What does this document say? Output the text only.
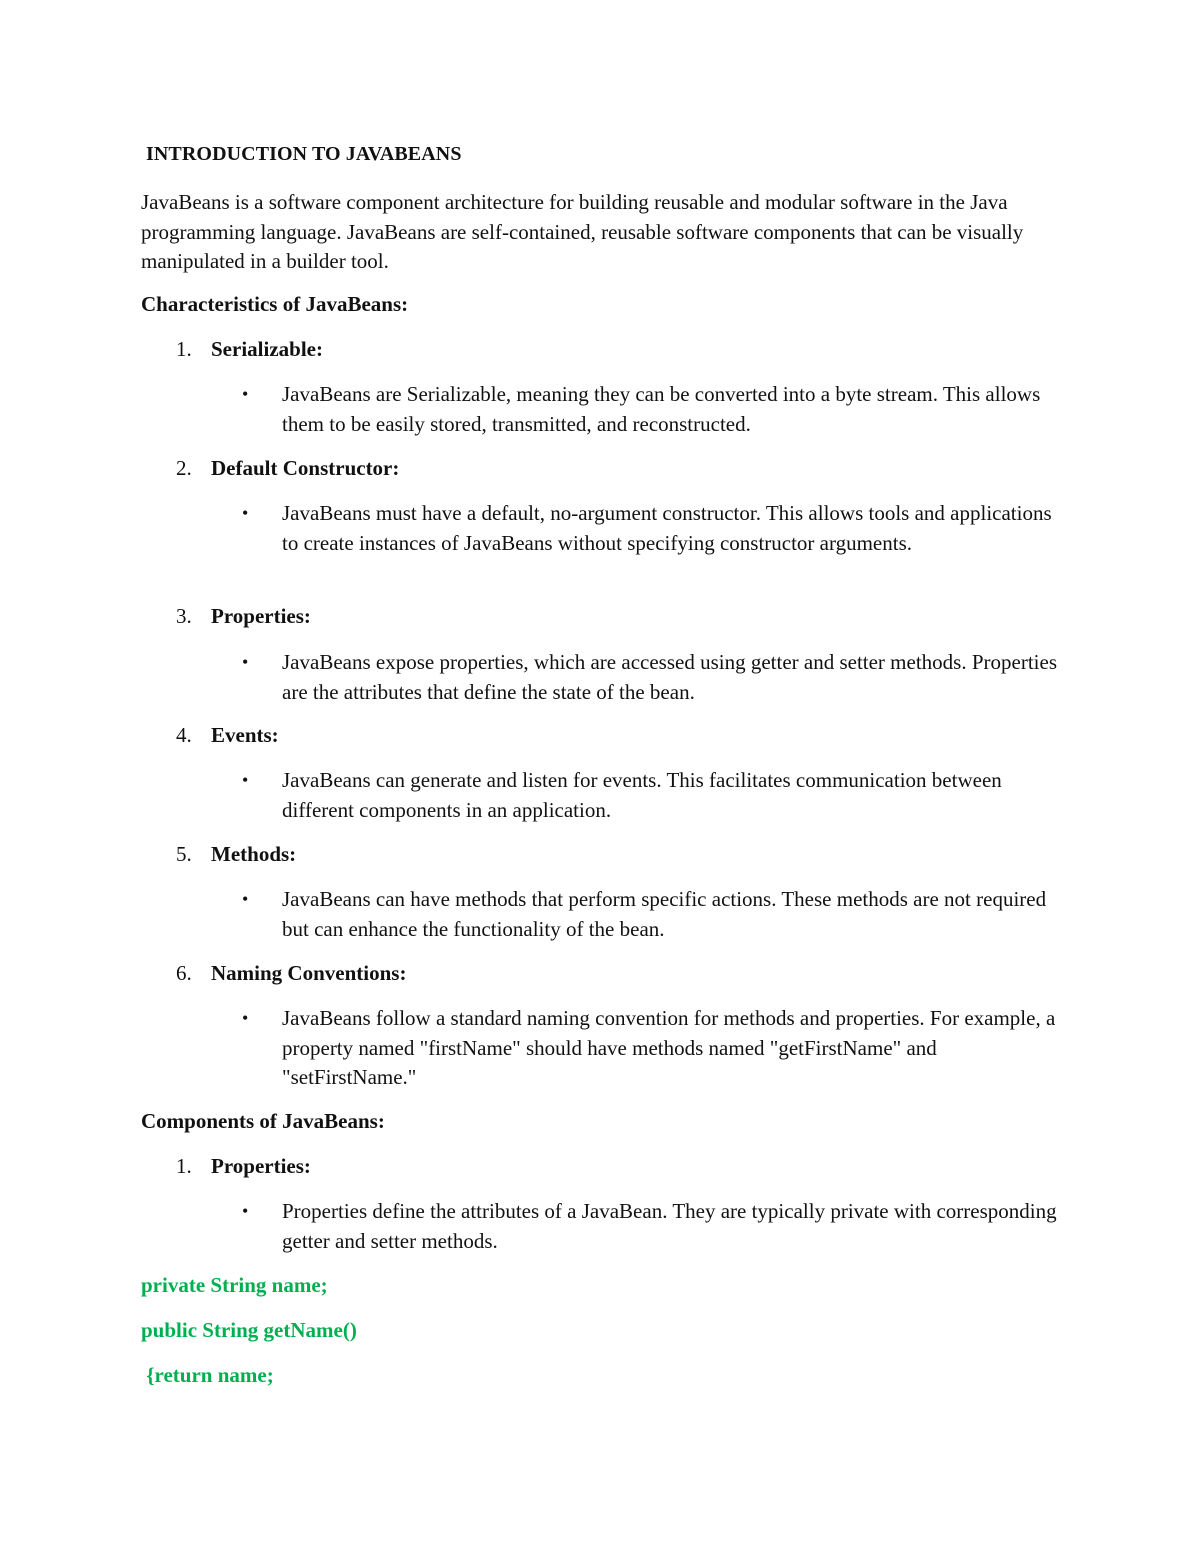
INTRODUCTION TO JAVABEANS
JavaBeans is a software component architecture for building reusable and modular software in the Java programming language. JavaBeans are self-contained, reusable software components that can be visually manipulated in a builder tool.
Characteristics of JavaBeans:
1. Serializable:
•	JavaBeans are Serializable, meaning they can be converted into a byte stream. This allows them to be easily stored, transmitted, and reconstructed.
2. Default Constructor:
•	JavaBeans must have a default, no-argument constructor. This allows tools and applications to create instances of JavaBeans without specifying constructor arguments.
3. Properties:
•	JavaBeans expose properties, which are accessed using getter and setter methods. Properties are the attributes that define the state of the bean.
4. Events:
•	JavaBeans can generate and listen for events. This facilitates communication between different components in an application.
5. Methods:
•	JavaBeans can have methods that perform specific actions. These methods are not required but can enhance the functionality of the bean.
6. Naming Conventions:
•	JavaBeans follow a standard naming convention for methods and properties. For example, a property named "firstName" should have methods named "getFirstName" and "setFirstName."
Components of JavaBeans:
1. Properties:
•	Properties define the attributes of a JavaBean. They are typically private with corresponding getter and setter methods.
private String name;
public String getName()
{return name;
